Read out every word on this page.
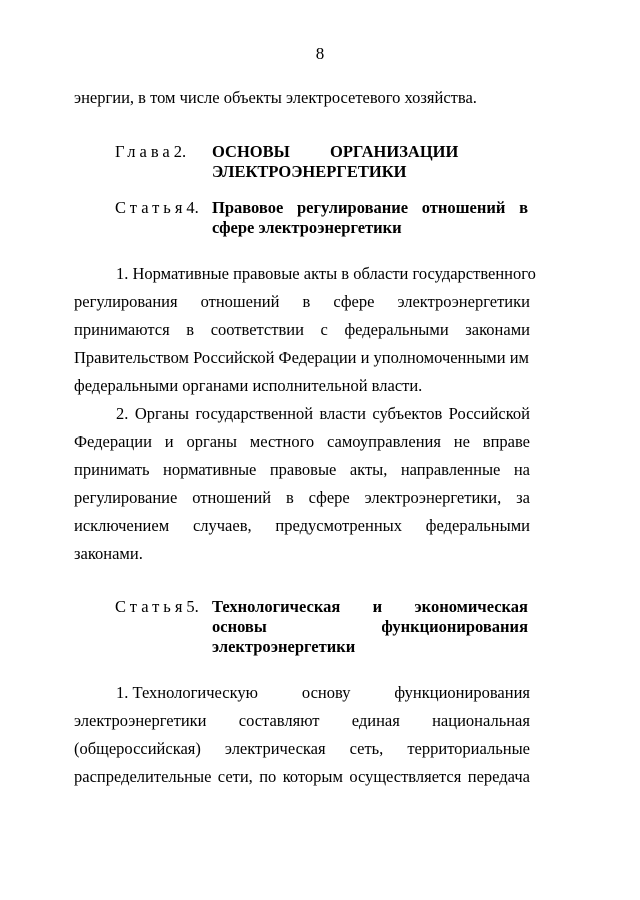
8
энергии, в том числе объекты электросетевого хозяйства.
Глава2. ОСНОВЫ ОРГАНИЗАЦИИ
ЭЛЕКТРОЭНЕРГЕТИКИ
Статья4. Правовое регулирование отношений в
сфере электроэнергетики
1. Нормативные правовые акты в области государственного
регулирования отношений в сфере электроэнергетики
принимаются в соответствии с федеральными законами
Правительством Российской Федерации и уполномоченными им
федеральными органами исполнительной власти.
2. Органы государственной власти субъектов Российской
Федерации и органы местного самоуправления не вправе
принимать нормативные правовые акты, направленные на
регулирование отношений в сфере электроэнергетики, за
исключением случаев, предусмотренных федеральными
законами.
Статья5. Технологическая и экономическая
основы	функционирования
электроэнергетики
1. Технологическую	основу	функционирования
электроэнергетики составляют единая национальная
(общероссийская) электрическая сеть, территориальные
распределительные сети, по которым осуществляется передача
